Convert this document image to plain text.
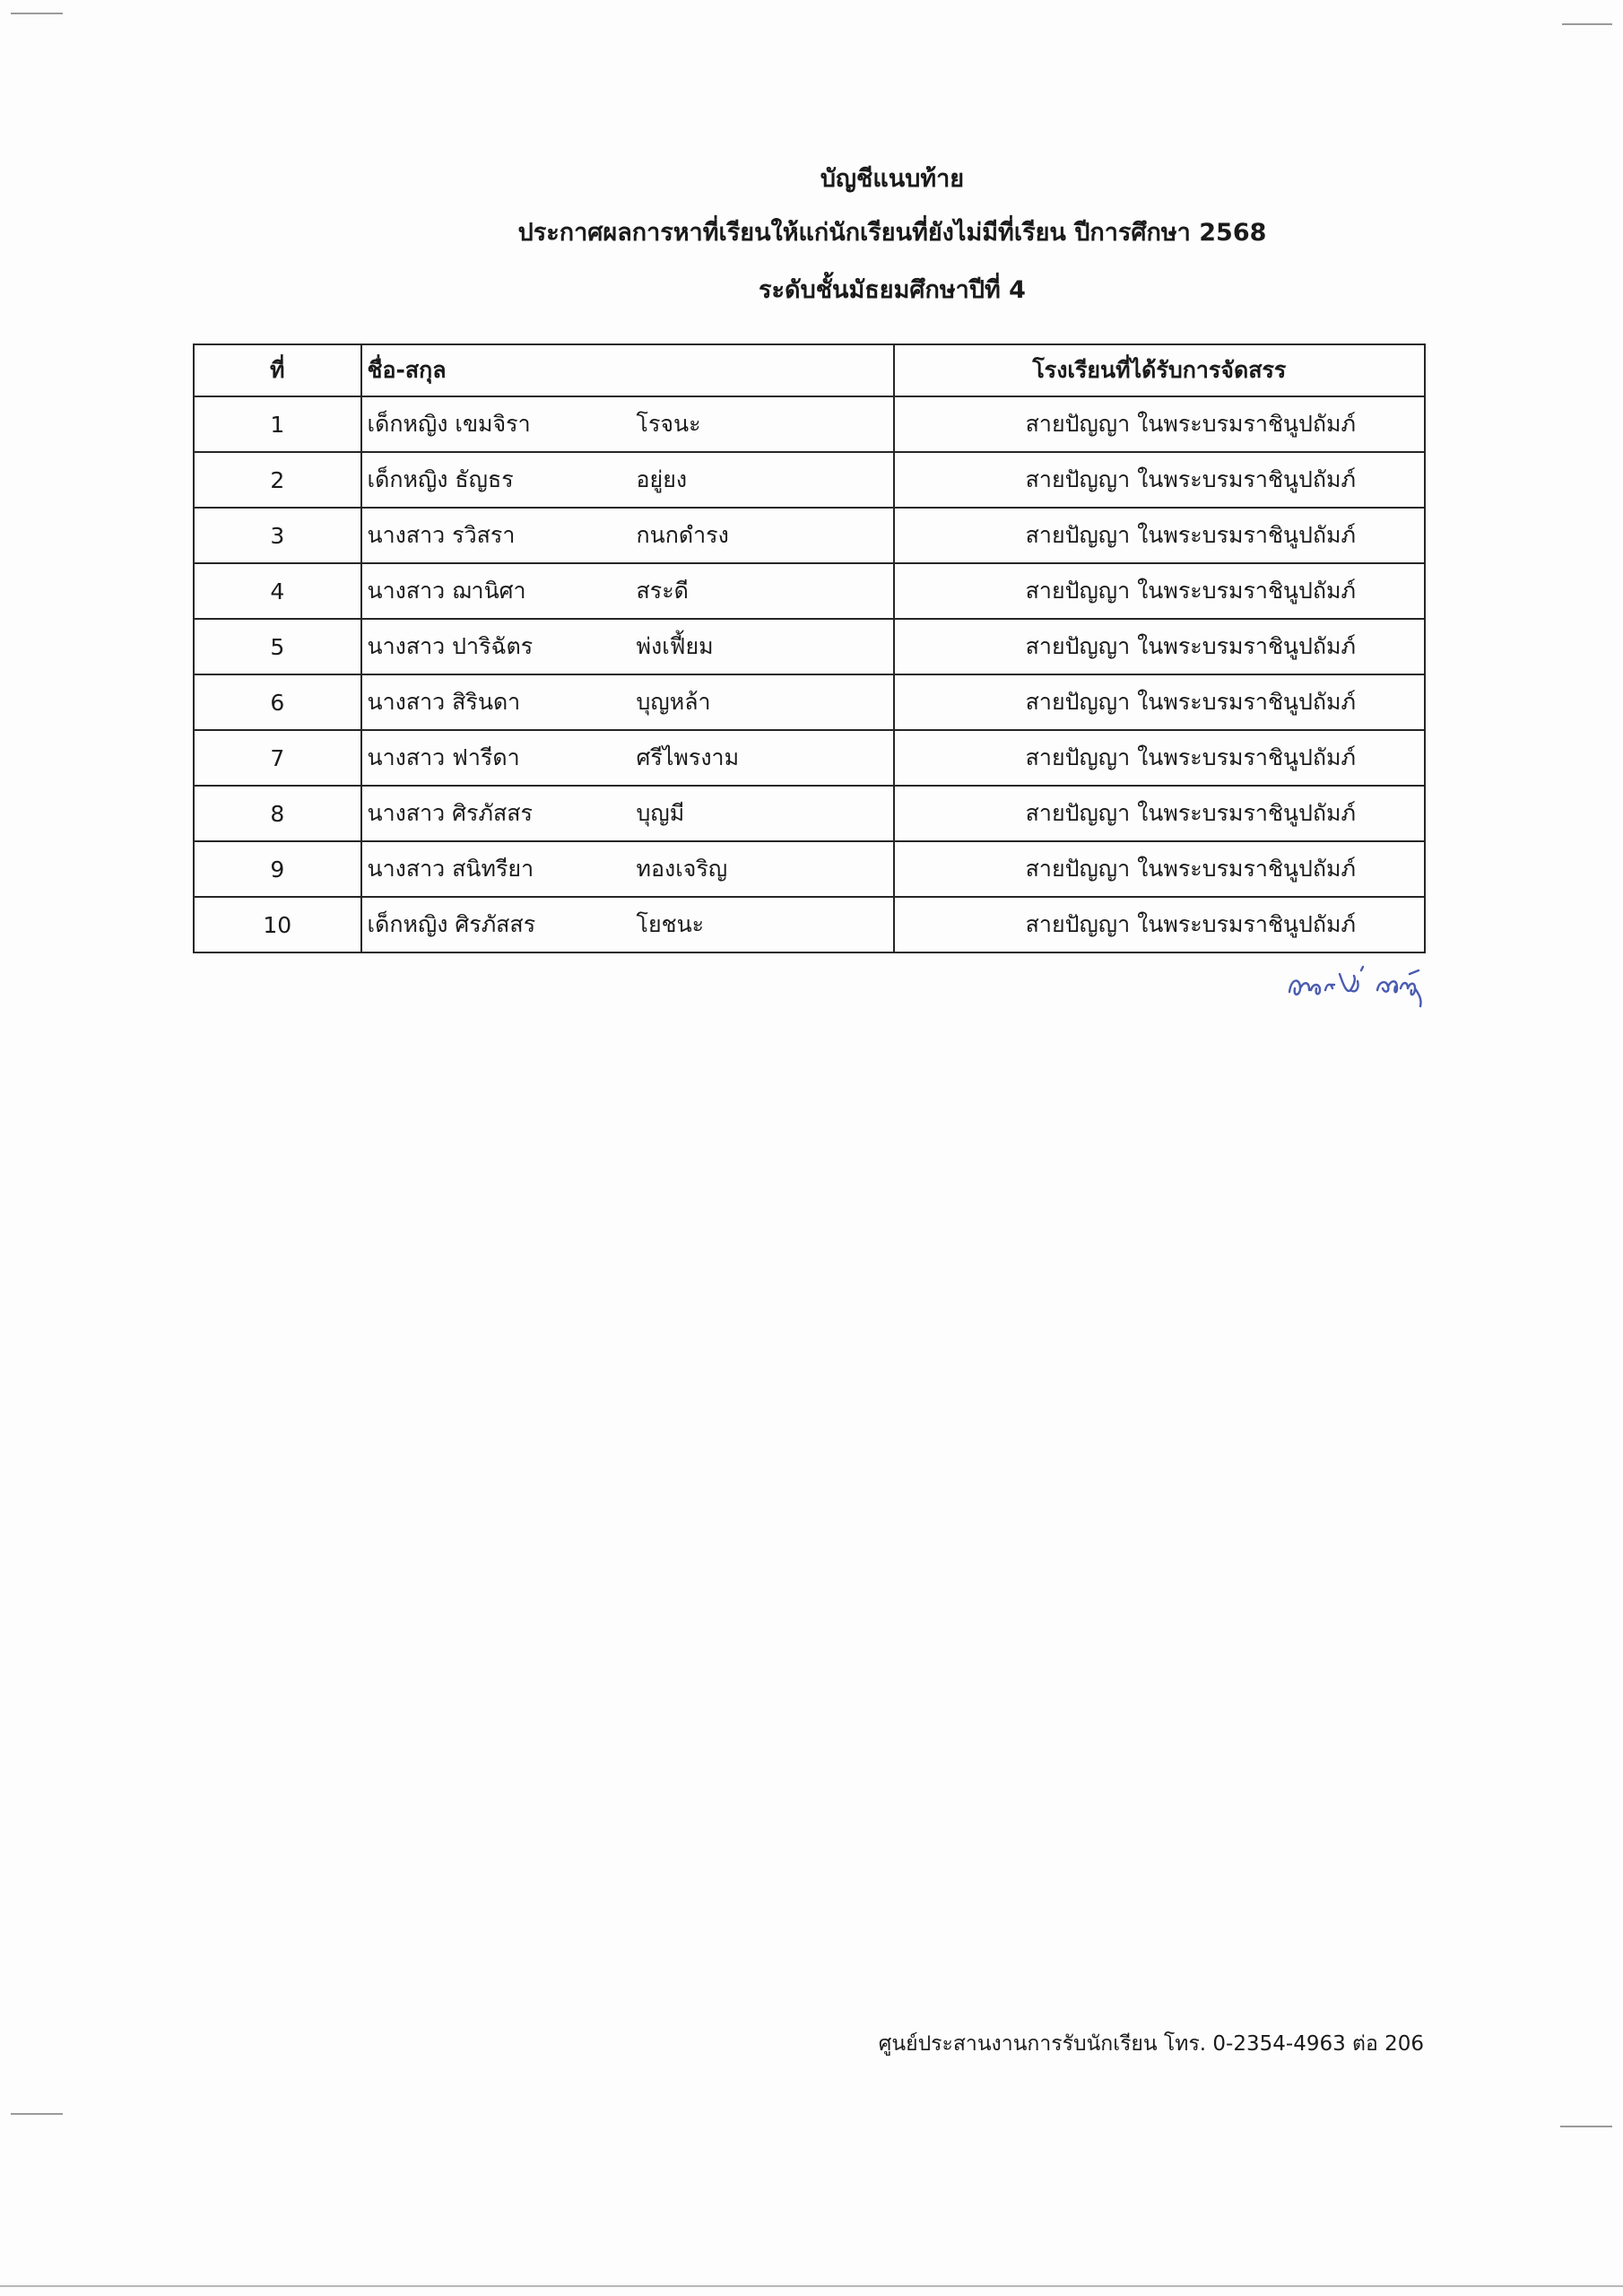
บัญชีแนบท้าย
ประกาศผลการหาที่เรียนให้แก่นักเรียนที่ยังไม่มีที่เรียน ปีการศึกษา 2568
ระดับชั้นมัธยมศึกษาปีที่ 4
ที่	ชื่อ-สกุล	โรงเรียนที่ได้รับการจัดสรร
1	เด็กหญิง เขมจิรา โรจนะ	สายปัญญา ในพระบรมราชินูปถัมภ์
2	เด็กหญิง ธัญธร อยู่ยง	สายปัญญา ในพระบรมราชินูปถัมภ์
3	นางสาว รวิสรา กนกดำรง	สายปัญญา ในพระบรมราชินูปถัมภ์
4	นางสาว ฌานิศา สระดี	สายปัญญา ในพระบรมราชินูปถัมภ์
5	นางสาว ปาริฉัตร พ่งเฟี้ยม	สายปัญญา ในพระบรมราชินูปถัมภ์
6	นางสาว สิรินดา บุญหล้า	สายปัญญา ในพระบรมราชินูปถัมภ์
7	นางสาว ฟารีดา ศรีไพรงาม	สายปัญญา ในพระบรมราชินูปถัมภ์
8	นางสาว ศิรภัสสร บุญมี	สายปัญญา ในพระบรมราชินูปถัมภ์
9	นางสาว สนิทรียา ทองเจริญ	สายปัญญา ในพระบรมราชินูปถัมภ์
10	เด็กหญิง ศิรภัสสร โยชนะ	สายปัญญา ในพระบรมราชินูปถัมภ์
ศูนย์ประสานงานการรับนักเรียน โทร. 0-2354-4963 ต่อ 206
